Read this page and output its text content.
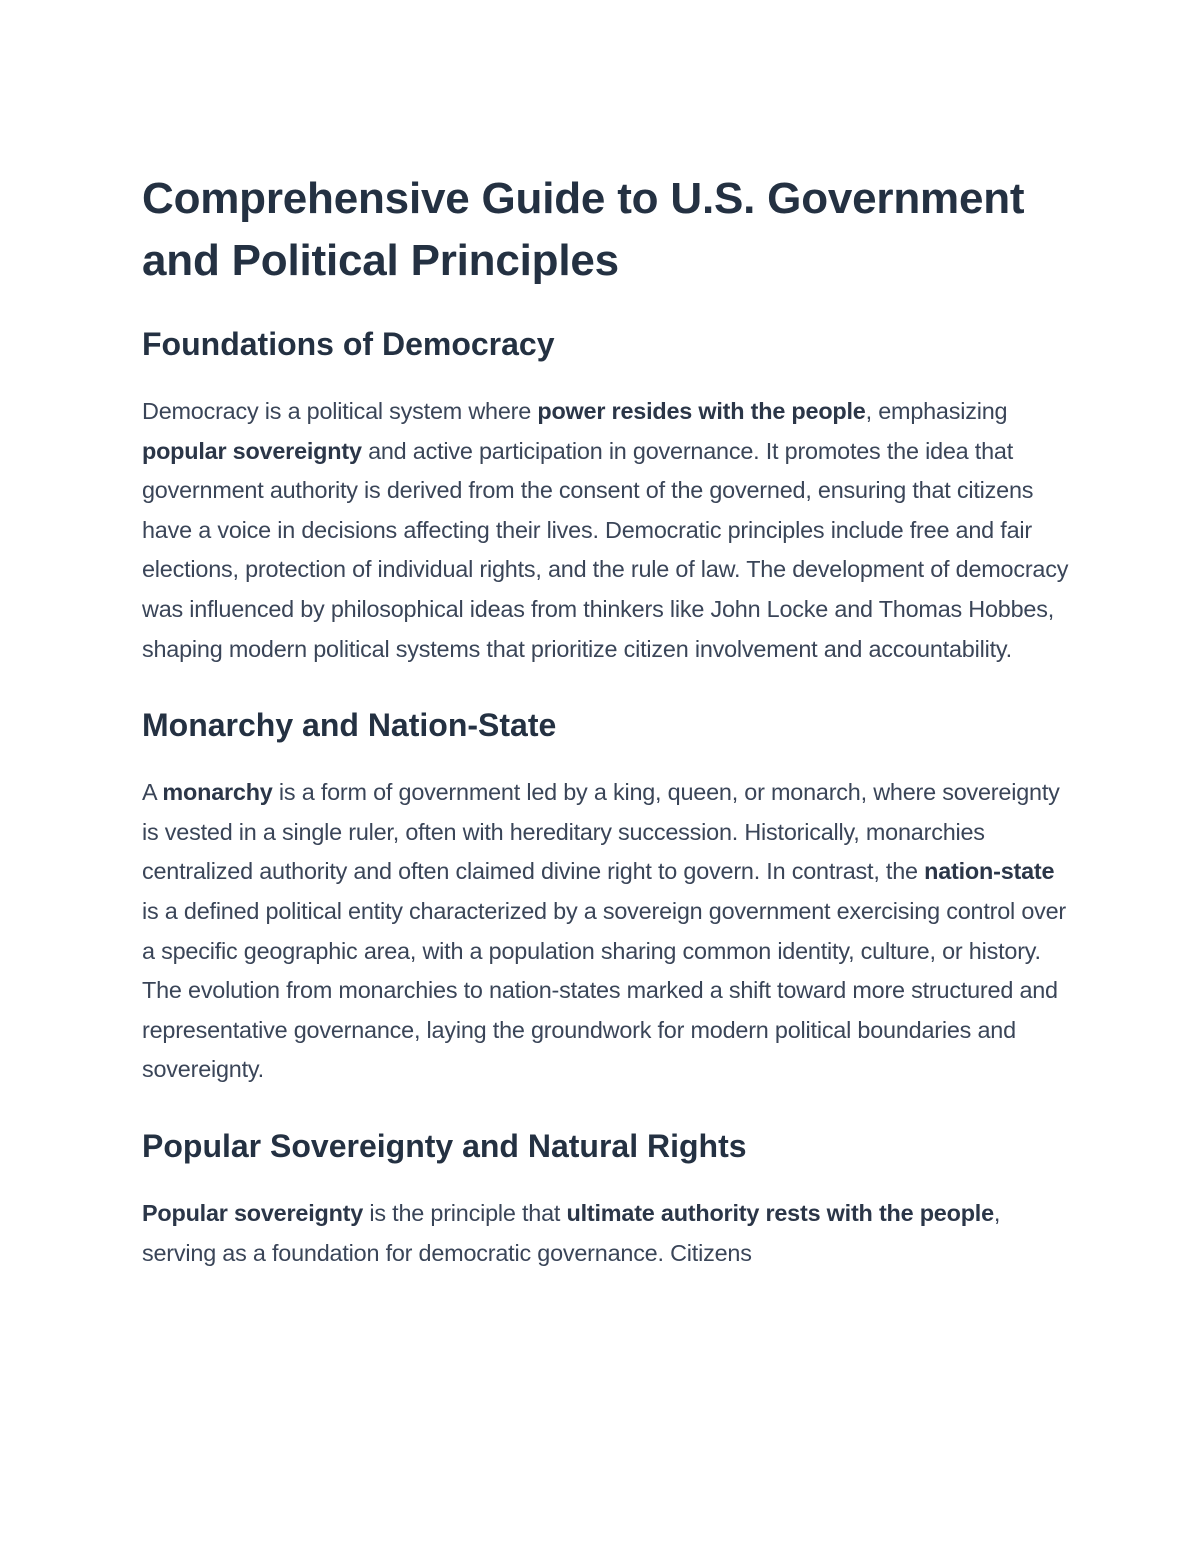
Comprehensive Guide to U.S. Government and Political Principles
Foundations of Democracy

Democracy is a political system where power resides with the people, emphasizing popular sovereignty and active participation in governance. It promotes the idea that government authority is derived from the consent of the governed, ensuring that citizens have a voice in decisions affecting their lives. Democratic principles include free and fair elections, protection of individual rights, and the rule of law. The development of democracy was influenced by philosophical ideas from thinkers like John Locke and Thomas Hobbes, shaping modern political systems that prioritize citizen involvement and accountability.

Monarchy and Nation-State

A monarchy is a form of government led by a king, queen, or monarch, where sovereignty is vested in a single ruler, often with hereditary succession. Historically, monarchies centralized authority and often claimed divine right to govern. In contrast, the nation-state is a defined political entity characterized by a sovereign government exercising control over a specific geographic area, with a population sharing common identity, culture, or history. The evolution from monarchies to nation-states marked a shift toward more structured and representative governance, laying the groundwork for modern political boundaries and sovereignty.

Popular Sovereignty and Natural Rights

Popular sovereignty is the principle that ultimate authority rests with the people, serving as a foundation for democratic governance. Citizens
